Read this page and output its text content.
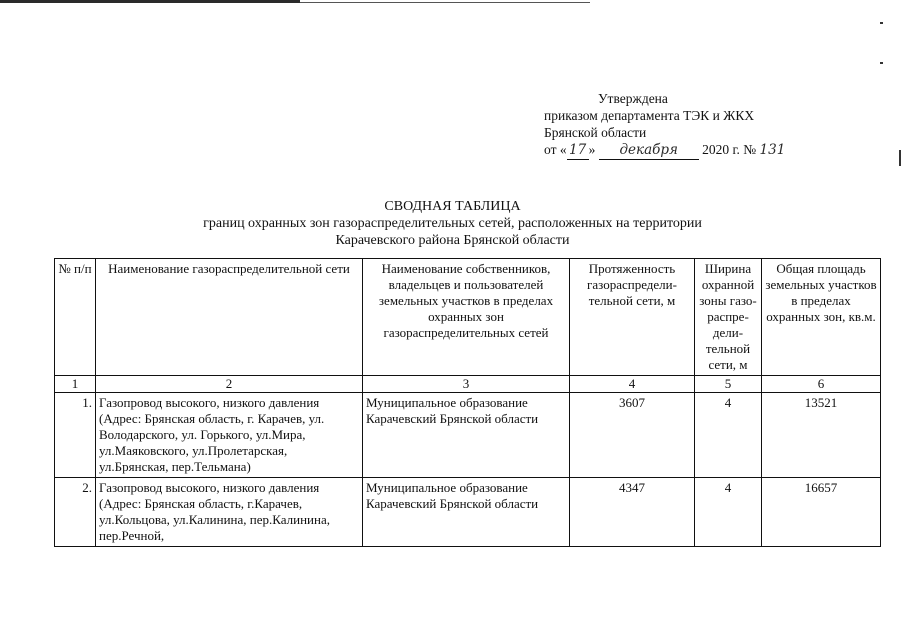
Утверждена
приказом департамента ТЭК и ЖКХ
Брянской области
от « 17 » декабря 2020 г. № 131
СВОДНАЯ ТАБЛИЦА
границ охранных зон газораспределительных сетей, расположенных на территории
Карачевского района Брянской области
№ п/п	Наименование газораспределительной сети	Наименование собственников, владельцев и пользователей земельных участков в пределах охранных зон газораспределительных сетей	Протяженность газораспредели-тельной сети, м	Ширина охранной зоны газо-распре-дели-тельной сети, м	Общая площадь земельных участков в пределах охранных зон, кв.м.
1	2	3	4	5	6
1.	Газопровод высокого, низкого давления (Адрес: Брянская область, г. Карачев, ул. Володарского, ул. Горького, ул.Мира, ул.Маяковского, ул.Пролетарская, ул.Брянская, пер.Тельмана)	Муниципальное образование Карачевский Брянской области	3607	4	13521
2.	Газопровод высокого, низкого давления (Адрес: Брянская область, г.Карачев, ул.Кольцова, ул.Калинина, пер.Калинина, пер.Речной,	Муниципальное образование Карачевский Брянской области	4347	4	16657
